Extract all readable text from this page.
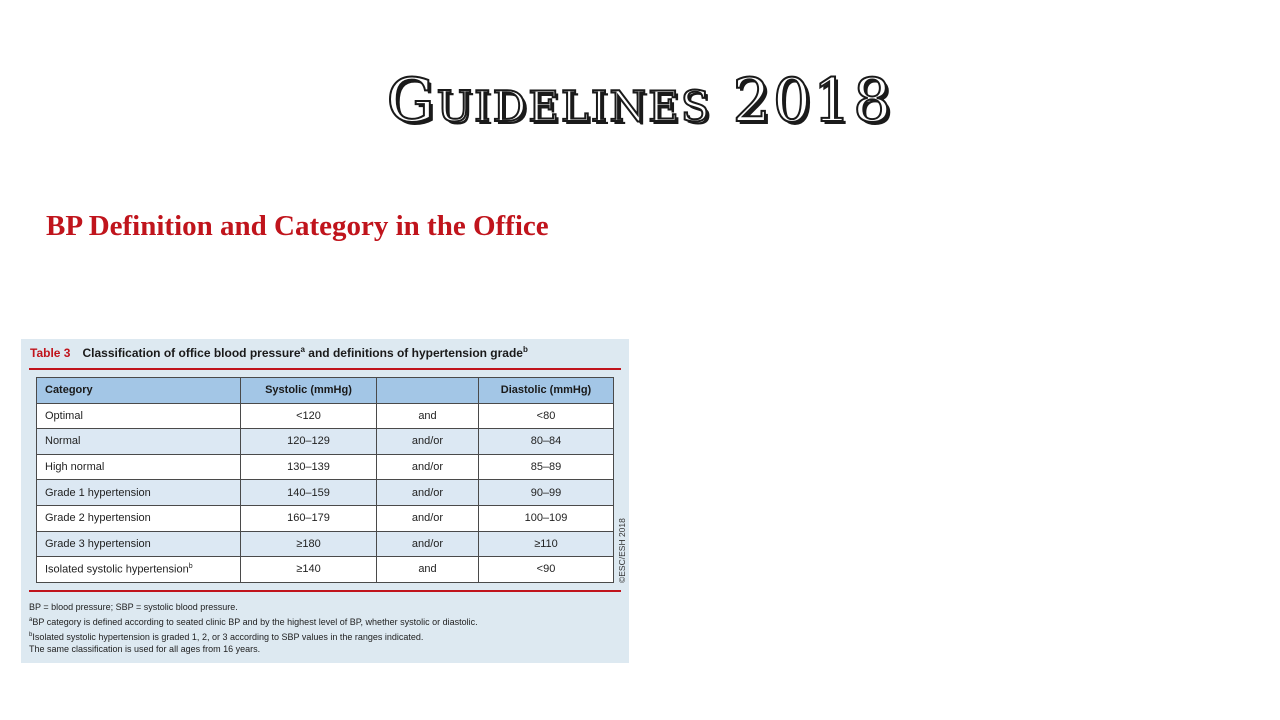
Guidelines 2018
BP Definition and Category in the Office
Table 3 Classification of office blood pressure$^a$ and definitions of hypertension grade$^b$
Category	Systolic (mmHg)		Diastolic (mmHg)
Optimal	<120	and	<80
Normal	120–129	and/or	80–84
High normal	130–139	and/or	85–89
Grade 1 hypertension	140–159	and/or	90–99
Grade 2 hypertension	160–179	and/or	100–109
Grade 3 hypertension	≥180	and/or	≥110
Isolated systolic hypertension$^b$	≥140	and	<90	©ESC/ESH 2018
BP = blood pressure; SBP = systolic blood pressure.
$^a$BP category is defined according to seated clinic BP and by the highest level of BP, whether systolic or diastolic.
$^b$Isolated systolic hypertension is graded 1, 2, or 3 according to SBP values in the ranges indicated.
The same classification is used for all ages from 16 years.
